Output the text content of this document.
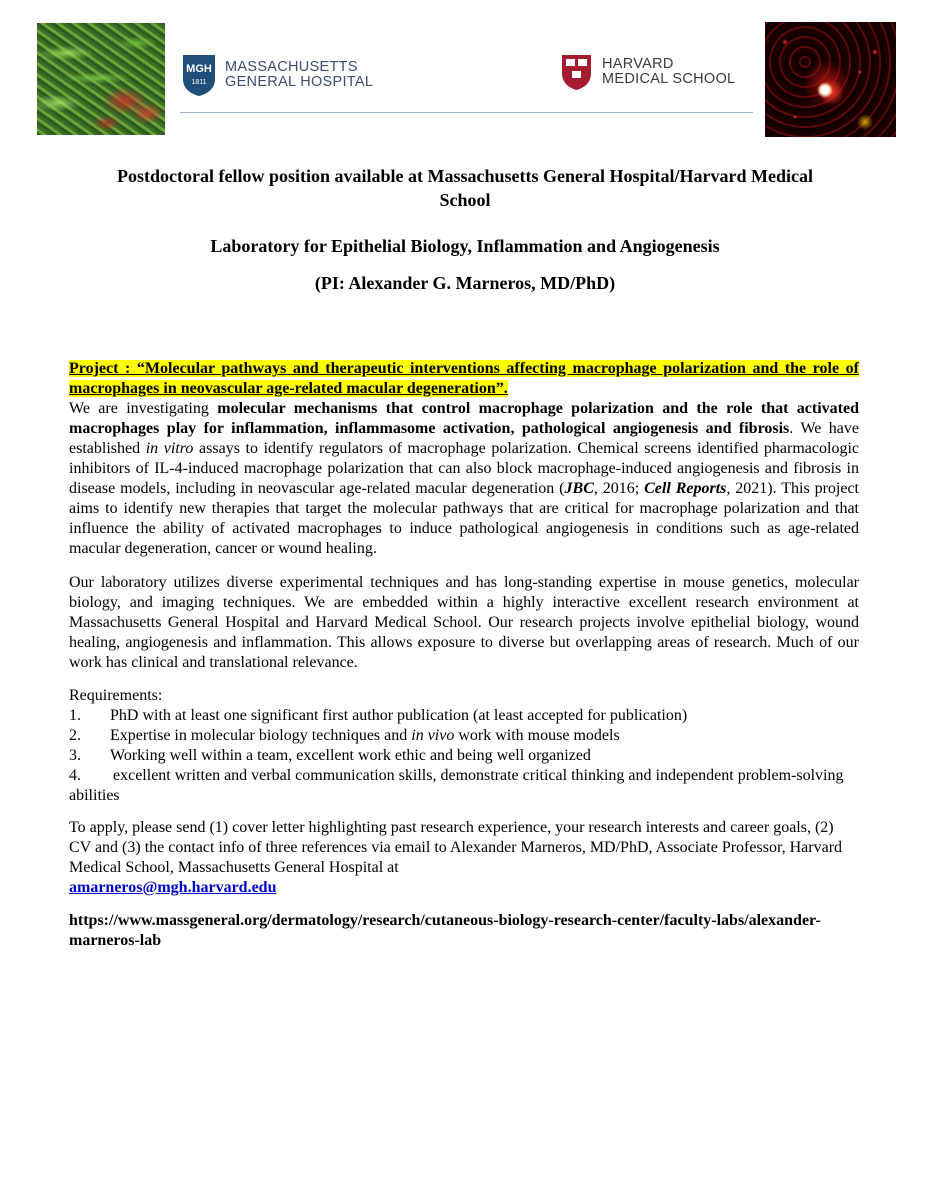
MGH
1811
MASSACHUSETTS
GENERAL HOSPITAL
HARVARD
MEDICAL SCHOOL
Postdoctoral fellow position available at Massachusetts General Hospital/Harvard Medical School
Laboratory for Epithelial Biology, Inflammation and Angiogenesis
(PI: Alexander G. Marneros, MD/PhD)

Project : “Molecular pathways and therapeutic interventions affecting macrophage polarization and the role of macrophages in neovascular age-related macular degeneration”.
We are investigating molecular mechanisms that control macrophage polarization and the role that activated macrophages play for inflammation, inflammasome activation, pathological angiogenesis and fibrosis. We have established in vitro assays to identify regulators of macrophage polarization. Chemical screens identified pharmacologic inhibitors of IL-4-induced macrophage polarization that can also block macrophage-induced angiogenesis and fibrosis in disease models, including in neovascular age-related macular degeneration (JBC, 2016; Cell Reports, 2021). This project aims to identify new therapies that target the molecular pathways that are critical for macrophage polarization and that influence the ability of activated macrophages to induce pathological angiogenesis in conditions such as age-related macular degeneration, cancer or wound healing.

Our laboratory utilizes diverse experimental techniques and has long-standing expertise in mouse genetics, molecular biology, and imaging techniques. We are embedded within a highly interactive excellent research environment at Massachusetts General Hospital and Harvard Medical School. Our research projects involve epithelial biology, wound healing, angiogenesis and inflammation. This allows exposure to diverse but overlapping areas of research. Much of our work has clinical and translational relevance.

Requirements:
1. PhD with at least one significant first author publication (at least accepted for publication)
2. Expertise in molecular biology techniques and in vivo work with mouse models
3. Working well within a team, excellent work ethic and being well organized
4. excellent written and verbal communication skills, demonstrate critical thinking and independent problem-solving abilities

To apply, please send (1) cover letter highlighting past research experience, your research interests and career goals, (2) CV and (3) the contact info of three references via email to Alexander Marneros, MD/PhD, Associate Professor, Harvard Medical School, Massachusetts General Hospital at
amarneros@mgh.harvard.edu

https://www.massgeneral.org/dermatology/research/cutaneous-biology-research-center/faculty-labs/alexander-marneros-lab
